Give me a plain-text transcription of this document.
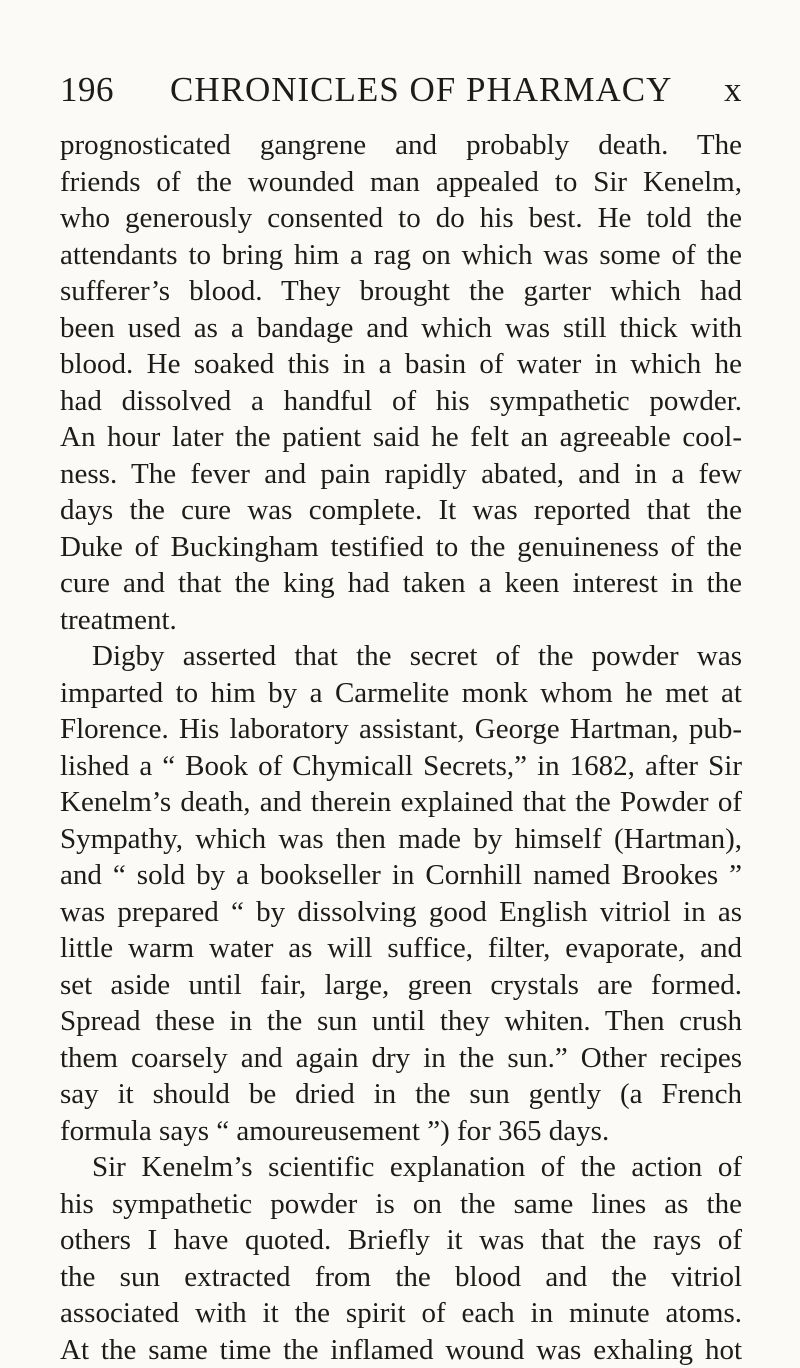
196 CHRONICLES OF PHARMACY x
prognosticated gangrene and probably death. The
friends of the wounded man appealed to Sir Kenelm,
who generously consented to do his best. He told the
attendants to bring him a rag on which was some of the
sufferer’s blood. They brought the garter which had
been used as a bandage and which was still thick with
blood. He soaked this in a basin of water in which he
had dissolved a handful of his sympathetic powder.
An hour later the patient said he felt an agreeable cool-
ness. The fever and pain rapidly abated, and in a few
days the cure was complete. It was reported that the
Duke of Buckingham testified to the genuineness of the
cure and that the king had taken a keen interest in the
treatment.
Digby asserted that the secret of the powder was
imparted to him by a Carmelite monk whom he met at
Florence. His laboratory assistant, George Hartman, pub-
lished a “ Book of Chymicall Secrets,” in 1682, after Sir
Kenelm’s death, and therein explained that the Powder of
Sympathy, which was then made by himself (Hartman),
and “ sold by a bookseller in Cornhill named Brookes ”
was prepared “ by dissolving good English vitriol in as
little warm water as will suffice, filter, evaporate, and
set aside until fair, large, green crystals are formed.
Spread these in the sun until they whiten. Then crush
them coarsely and again dry in the sun.” Other recipes
say it should be dried in the sun gently (a French
formula says “ amoureusement ”) for 365 days.
Sir Kenelm’s scientific explanation of the action of
his sympathetic powder is on the same lines as the
others I have quoted. Briefly it was that the rays of
the sun extracted from the blood and the vitriol
associated with it the spirit of each in minute atoms.
At the same time the inflamed wound was exhaling hot
